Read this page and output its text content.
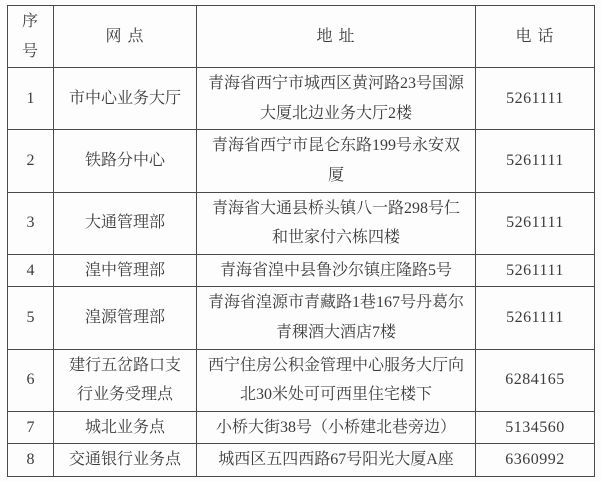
序 号	网 点	地 址	电 话
1	市中心业务大厅	青海省西宁市城西区黄河路23号国源大厦北边业务大厅2楼	5261111
2	铁路分中心	青海省西宁市昆仑东路199号永安双厦	5261111
3	大通管理部	青海省大通县桥头镇八一路298号仁和世家付六栋四楼	5261111
4	湟中管理部	青海省湟中县鲁沙尔镇庄隆路5号	5261111
5	湟源管理部	青海省湟源市青藏路1巷167号丹葛尔青稞酒大酒店7楼	5261111
6	建行五岔路口支行业务受理点	西宁住房公积金管理中心服务大厅向北30米处可可西里住宅楼下	6284165
7	城北业务点	小桥大街38号（小桥建北巷旁边）	5134560
8	交通银行业务点	城西区五四西路67号阳光大厦A座	6360992
